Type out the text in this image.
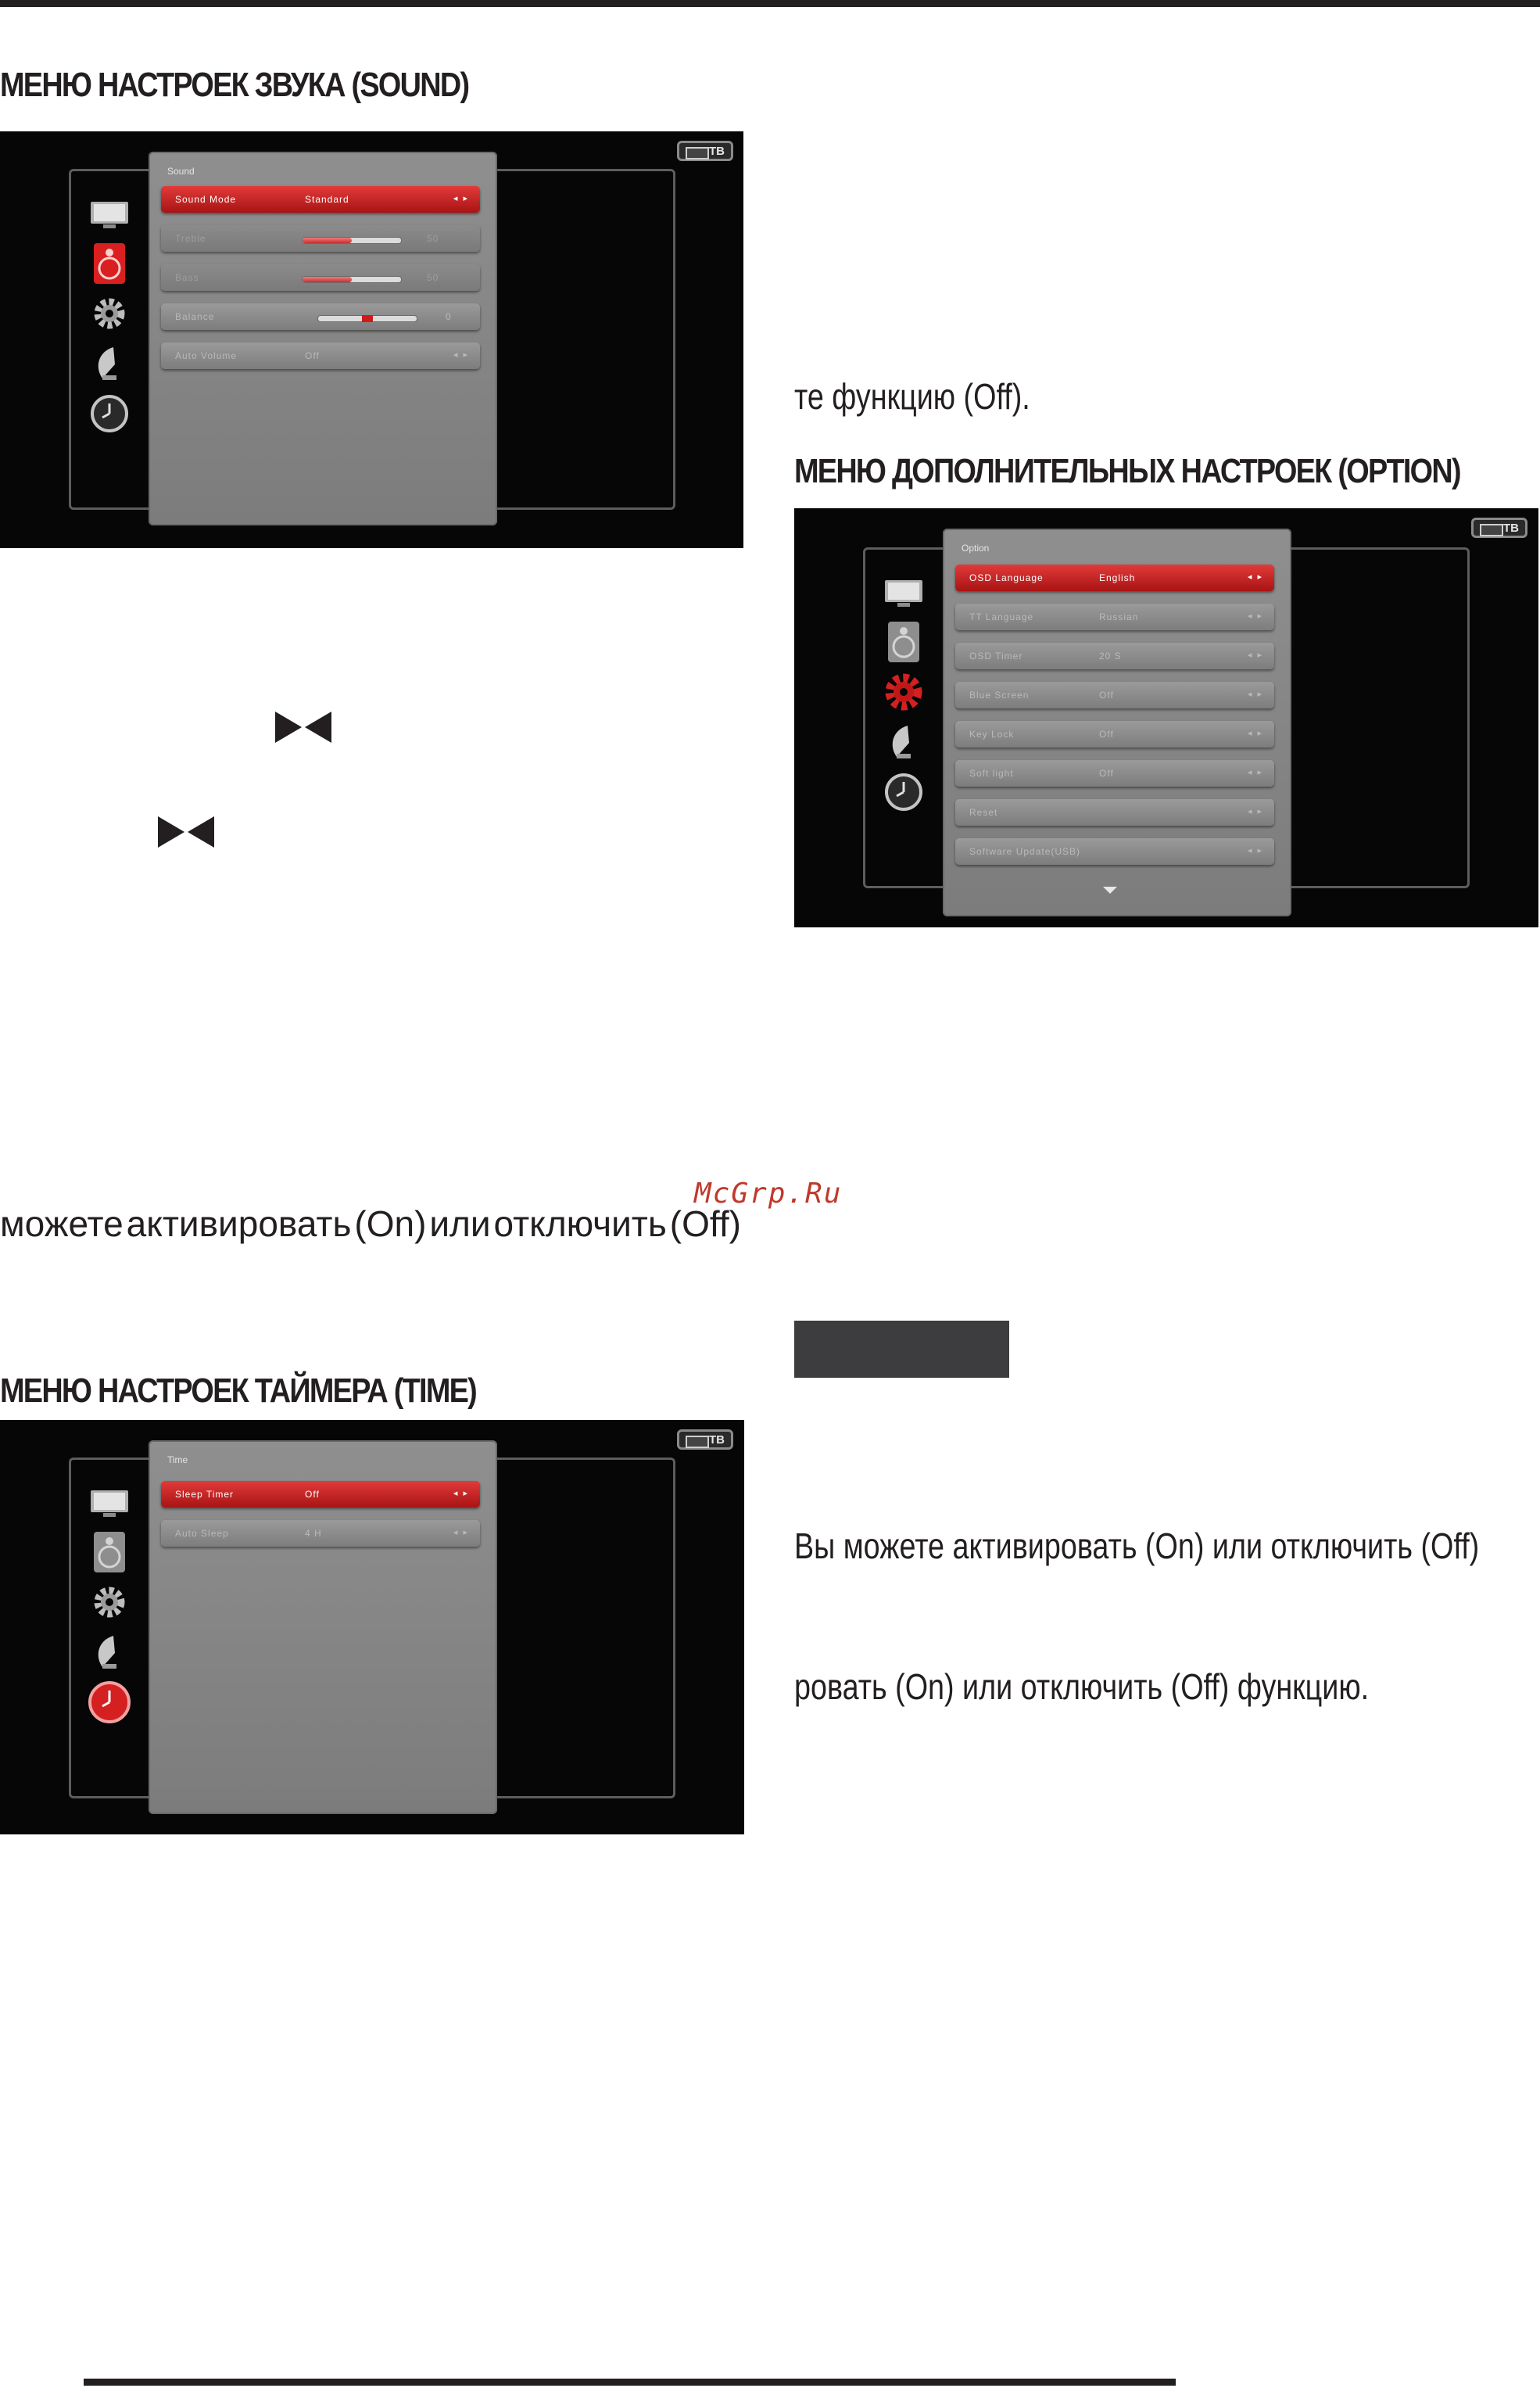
МЕНЮ НАСТРОЕК ЗВУКА (SOUND)
ТВ
Sound
Sound Mode	Standard	◂ ▸
Treble	50
Bass	50
Balance	0
Auto Volume	Off	◂ ▸
можете активировать (On) или отключить (Off)
McGrp.Ru
МЕНЮ НАСТРОЕК ТАЙМЕРА (TIME)
ТВ
Time
Sleep Timer	Off	◂ ▸
Auto Sleep	4 H	◂ ▸
те функцию (Off).
МЕНЮ ДОПОЛНИТЕЛЬНЫХ НАСТРОЕК (OPTION)
ТВ
Option
OSD Language	English	◂ ▸
TT Language	Russian	◂ ▸
OSD Timer	20 S	◂ ▸
Blue Screen	Off	◂ ▸
Key Lock	Off	◂ ▸
Soft light	Off	◂ ▸
Reset	◂ ▸
Software Update(USB)	◂ ▸
Вы можете активировать (On) или отключить (Off)
ровать (On) или отключить (Off) функцию.
